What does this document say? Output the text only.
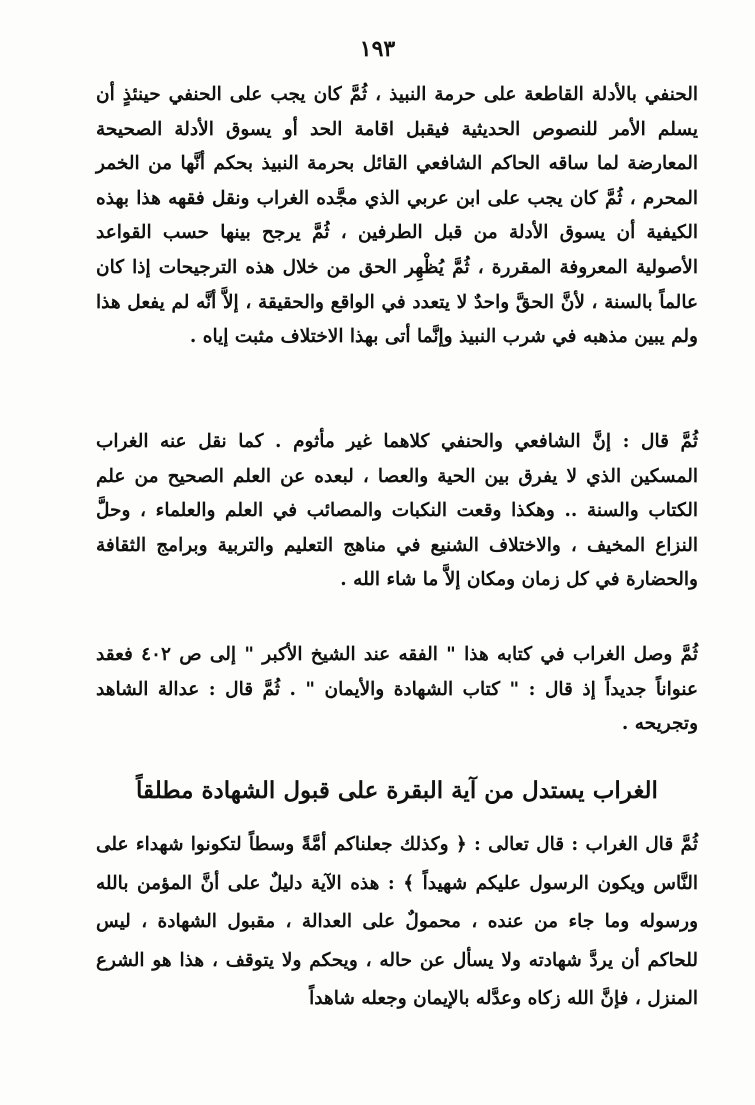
١٩٣

الحنفي بالأدلة القاطعة على حرمة النبيذ ، ثُمَّ كان يجب على الحنفي حينئذٍ أن يسلم الأمر للنصوص الحديثية فيقبل اقامة الحد أو يسوق الأدلة الصحيحة المعارضة لما ساقه الحاكم الشافعي القائل بحرمة النبيذ بحكم أنَّها من الخمر المحرم ، ثُمَّ كان يجب على ابن عربي الذي مجَّده الغراب ونقل فقهه هذا بهذه الكيفية أن يسوق الأدلة من قبل الطرفين ، ثُمَّ يرجح بينها حسب القواعد الأصولية المعروفة المقررة ، ثُمَّ يُظْهِر الحق من خلال هذه الترجيحات إذا كان عالماً بالسنة ، لأنَّ الحقَّ واحدٌ لا يتعدد في الواقع والحقيقة ، إلاَّ أنَّه لم يفعل هذا ولم يبين مذهبه في شرب النبيذ وإنَّما أتى بهذا الاختلاف مثبت إياه .

ثُمَّ قال : إنَّ الشافعي والحنفي كلاهما غير مأثوم . كما نقل عنه الغراب المسكين الذي لا يفرق بين الحية والعصا ، لبعده عن العلم الصحيح من علم الكتاب والسنة .. وهكذا وقعت النكبات والمصائب في العلم والعلماء ، وحلَّ النزاع المخيف ، والاختلاف الشنيع في مناهج التعليم والتربية وبرامج الثقافة والحضارة في كل زمان ومكان إلاَّ ما شاء الله .

ثُمَّ وصل الغراب في كتابه هذا " الفقه عند الشيخ الأكبر " إلى ص ٤٠٢ فعقد عنواناً جديداً إذ قال : " كتاب الشهادة والأيمان " . ثُمَّ قال : عدالة الشاهد وتجريحه .

الغراب يستدل من آية البقرة على قبول الشهادة مطلقاً

ثُمَّ قال الغراب : قال تعالى : ﴿ وكذلك جعلناكم أمَّةً وسطاً لتكونوا شهداء على النَّاس ويكون الرسول عليكم شهيداً ﴾ : هذه الآية دليلٌ على أنَّ المؤمن بالله ورسوله وما جاء من عنده ، محمولٌ على العدالة ، مقبول الشهادة ، ليس للحاكم أن يردَّ شهادته ولا يسأل عن حاله ، ويحكم ولا يتوقف ، هذا هو الشرع المنزل ، فإنَّ الله زكاه وعدَّله بالإيمان وجعله شاهداً
